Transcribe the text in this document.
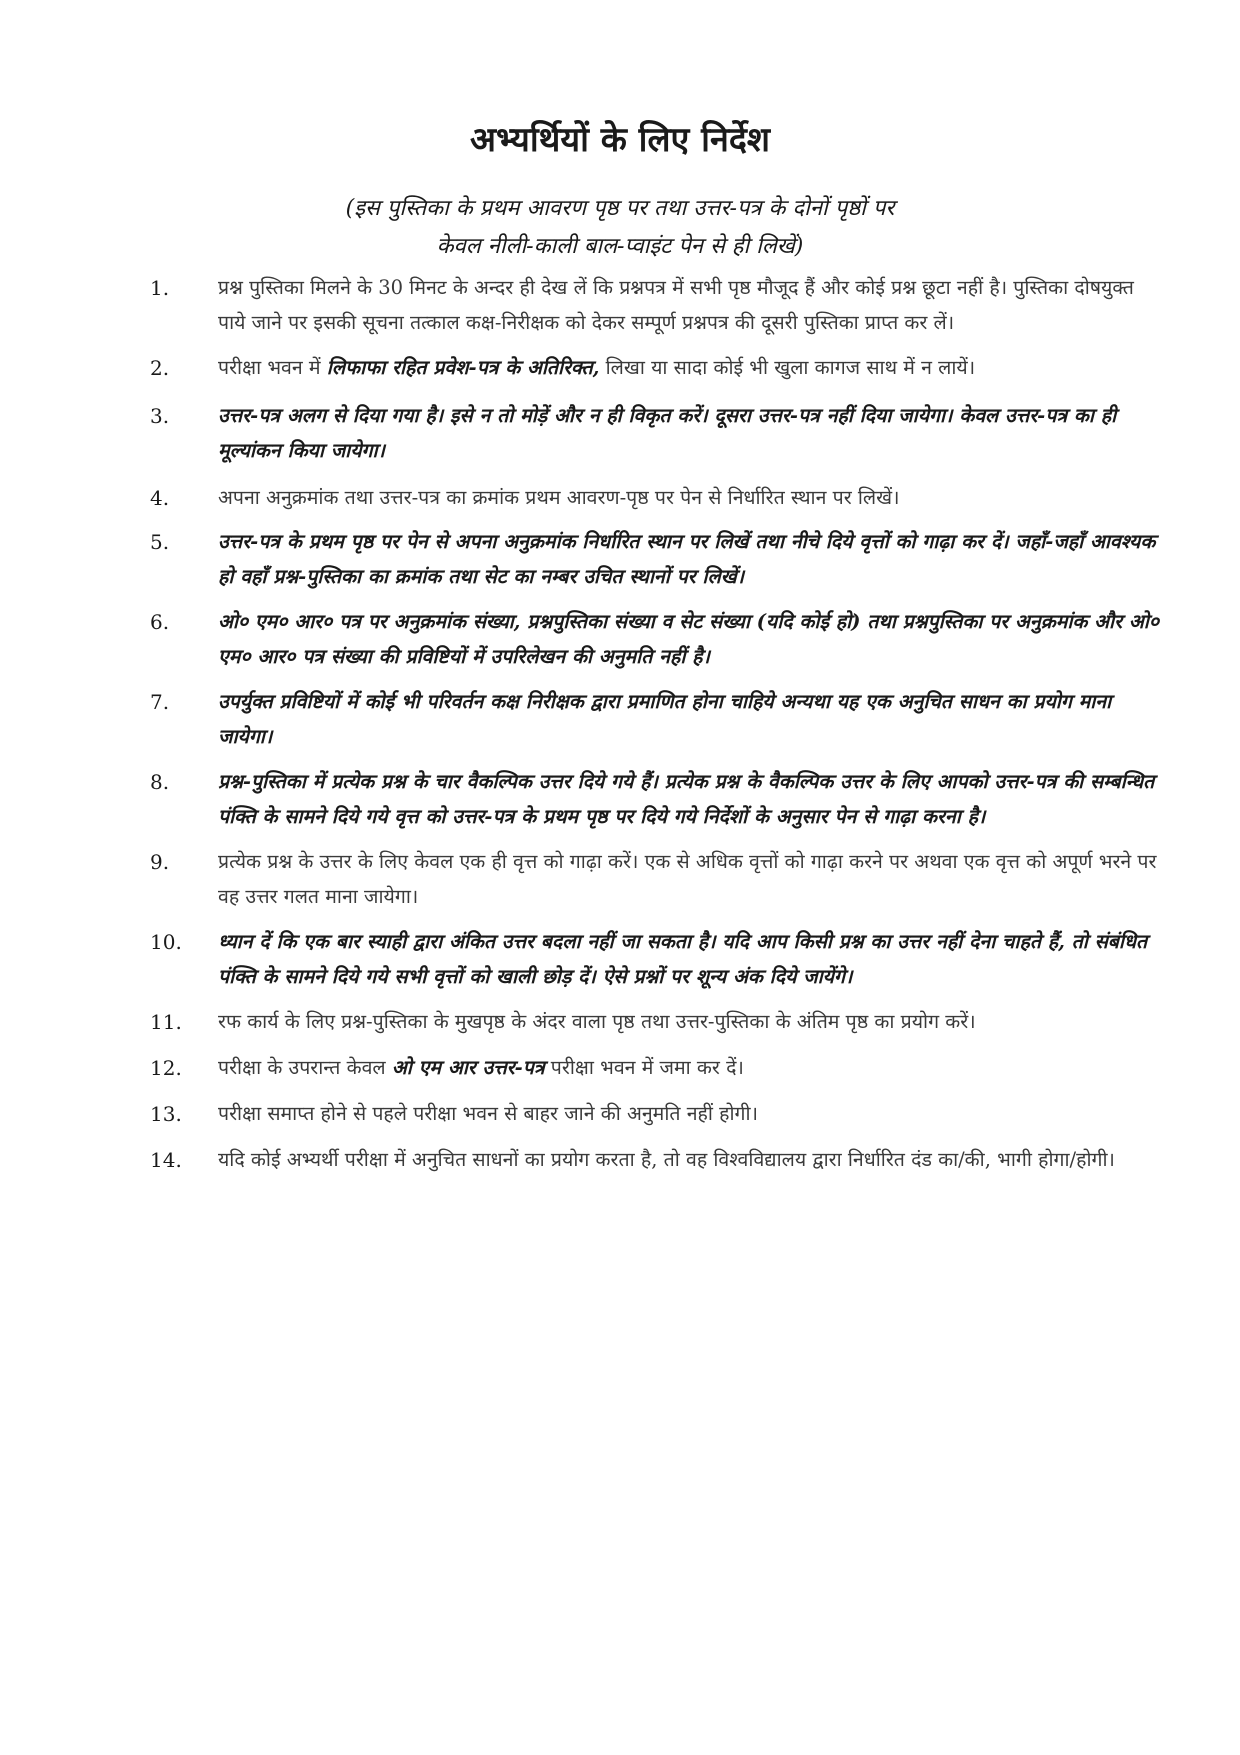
अभ्यर्थियों के लिए निर्देश
(इस पुस्तिका के प्रथम आवरण पृष्ठ पर तथा उत्तर-पत्र के दोनों पृष्ठों पर
केवल नीली-काली बाल-प्वाइंट पेन से ही लिखें)
1.	प्रश्न पुस्तिका मिलने के 30 मिनट के अन्दर ही देख लें कि प्रश्नपत्र में सभी पृष्ठ मौजूद हैं और कोई प्रश्न छूटा नहीं है। पुस्तिका दोषयुक्त पाये जाने पर इसकी सूचना तत्काल कक्ष-निरीक्षक को देकर सम्पूर्ण प्रश्नपत्र की दूसरी पुस्तिका प्राप्त कर लें।
2.	परीक्षा भवन में लिफाफा रहित प्रवेश-पत्र के अतिरिक्त, लिखा या सादा कोई भी खुला कागज साथ में न लायें।
3.	उत्तर-पत्र अलग से दिया गया है। इसे न तो मोड़ें और न ही विकृत करें। दूसरा उत्तर-पत्र नहीं दिया जायेगा। केवल उत्तर-पत्र का ही मूल्यांकन किया जायेगा।
4.	अपना अनुक्रमांक तथा उत्तर-पत्र का क्रमांक प्रथम आवरण-पृष्ठ पर पेन से निर्धारित स्थान पर लिखें।
5.	उत्तर-पत्र के प्रथम पृष्ठ पर पेन से अपना अनुक्रमांक निर्धारित स्थान पर लिखें तथा नीचे दिये वृत्तों को गाढ़ा कर दें। जहाँ-जहाँ आवश्यक हो वहाँ प्रश्न-पुस्तिका का क्रमांक तथा सेट का नम्बर उचित स्थानों पर लिखें।
6.	ओ० एम० आर० पत्र पर अनुक्रमांक संख्या, प्रश्नपुस्तिका संख्या व सेट संख्या (यदि कोई हो) तथा प्रश्नपुस्तिका पर अनुक्रमांक और ओ० एम० आर० पत्र संख्या की प्रविष्टियों में उपरिलेखन की अनुमति नहीं है।
7.	उपर्युक्त प्रविष्टियों में कोई भी परिवर्तन कक्ष निरीक्षक द्वारा प्रमाणित होना चाहिये अन्यथा यह एक अनुचित साधन का प्रयोग माना जायेगा।
8.	प्रश्न-पुस्तिका में प्रत्येक प्रश्न के चार वैकल्पिक उत्तर दिये गये हैं। प्रत्येक प्रश्न के वैकल्पिक उत्तर के लिए आपको उत्तर-पत्र की सम्बन्धित पंक्ति के सामने दिये गये वृत्त को उत्तर-पत्र के प्रथम पृष्ठ पर दिये गये निर्देशों के अनुसार पेन से गाढ़ा करना है।
9.	प्रत्येक प्रश्न के उत्तर के लिए केवल एक ही वृत्त को गाढ़ा करें। एक से अधिक वृत्तों को गाढ़ा करने पर अथवा एक वृत्त को अपूर्ण भरने पर वह उत्तर गलत माना जायेगा।
10.	ध्यान दें कि एक बार स्याही द्वारा अंकित उत्तर बदला नहीं जा सकता है। यदि आप किसी प्रश्न का उत्तर नहीं देना चाहते हैं, तो संबंधित पंक्ति के सामने दिये गये सभी वृत्तों को खाली छोड़ दें। ऐसे प्रश्नों पर शून्य अंक दिये जायेंगे।
11.	रफ कार्य के लिए प्रश्न-पुस्तिका के मुखपृष्ठ के अंदर वाला पृष्ठ तथा उत्तर-पुस्तिका के अंतिम पृष्ठ का प्रयोग करें।
12.	परीक्षा के उपरान्त केवल ओ एम आर उत्तर-पत्र परीक्षा भवन में जमा कर दें।
13.	परीक्षा समाप्त होने से पहले परीक्षा भवन से बाहर जाने की अनुमति नहीं होगी।
14.	यदि कोई अभ्यर्थी परीक्षा में अनुचित साधनों का प्रयोग करता है, तो वह विश्वविद्यालय द्वारा निर्धारित दंड का/की, भागी होगा/होगी।
